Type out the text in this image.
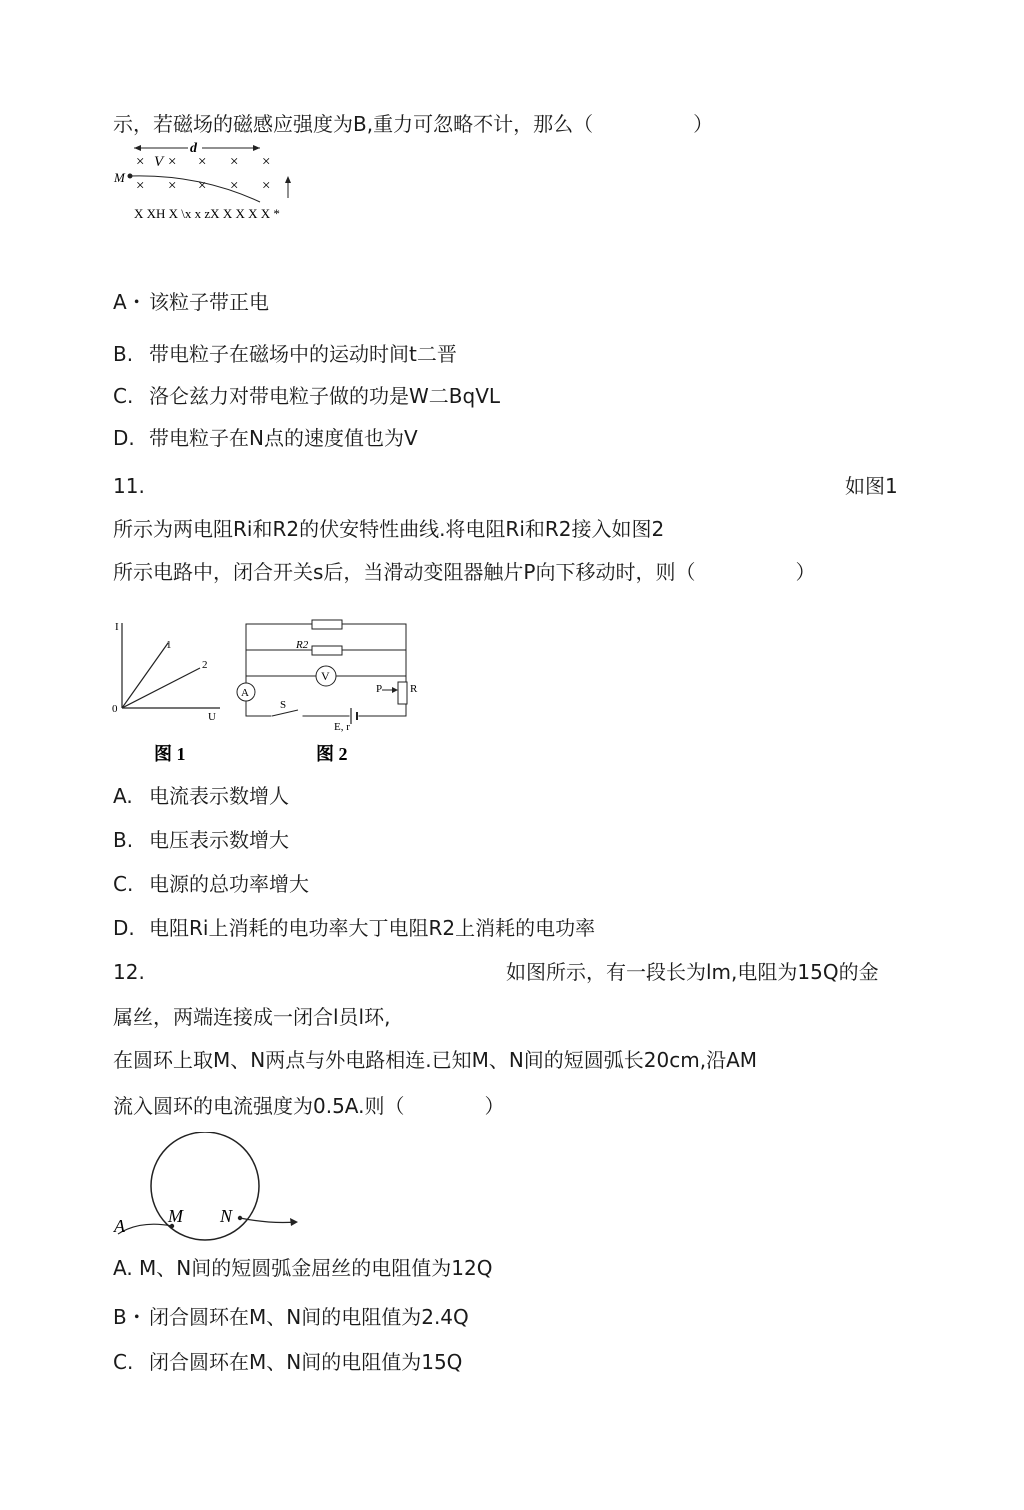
示，若磁场的磁感应强度为B,重力可忽略不计，那么（　　　　　）
× V ×
d
× × ×
M
× × × × ×
X XH X \x x zX X X X X *
A・ 该粒子带正电
B. 带电粒子在磁场中的运动时间t二晋
C. 洛仑兹力对带电粒子做的功是W二BqVL
D. 带电粒子在N点的速度值也为V
11.	如图1
所示为两电阻Ri和R2的伏安特性曲线.将电阻Ri和R2接入如图2
所示电路中，闭合开关s后，当滑动变阻器触片P向下移动时，则（　　　　　）
I
U
0
1
2
图 1
R2
V
A	P	R
S
E, r
图 2
A. 电流表示数增人
B. 电压表示数增大
C. 电源的总功率增大
D. 电阻Ri上消耗的电功率大丁电阻R2上消耗的电功率
12.	如图所示，有一段长为lm,电阻为15Q的金
属丝，两端连接成一闭合l员l环,
在圆环上取M、N两点与外电路相连.已知M、N间的短圆弧长20cm,沿AM
流入圆环的电流强度为0.5A.则（　　　　）
A M N
A. M、N间的短圆弧金屈丝的电阻值为12Q
B・ 闭合圆环在M、N间的电阻值为2.4Q
C. 闭合圆环在M、N间的电阻值为15Q
